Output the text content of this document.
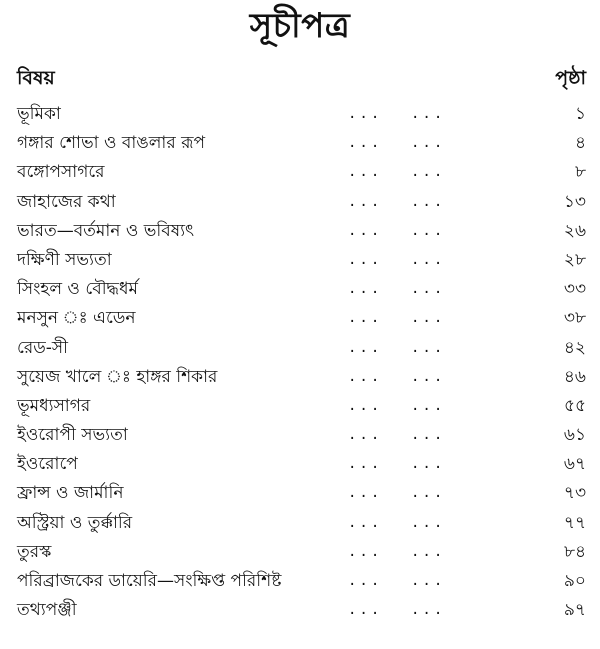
সূচীপত্র
বিষয়	পৃষ্ঠা
ভূমিকা	... ...	১
গঙ্গার শোভা ও বাঙলার রূপ	... ...	৪
বঙ্গোপসাগরে	... ...	৮
জাহাজের কথা	... ...	১৩
ভারত—বর্তমান ও ভবিষ্যৎ	... ...	২৬
দক্ষিণী সভ্যতা	... ...	২৮
সিংহল ও বৌদ্ধধর্ম	... ...	৩৩
মনসুন ঃ এডেন	... ...	৩৮
রেড-সী	... ...	৪২
সুয়েজ খালে ঃ হাঙ্গর শিকার	... ...	৪৬
ভূমধ্যসাগর	... ...	৫৫
ইওরোপী সভ্যতা	... ...	৬১
ইওরোপে	... ...	৬৭
ফ্রান্স ও জার্মানি	... ...	৭৩
অস্ট্রিয়া ও তুর্ক্কারি	... ...	৭৭
তুরস্ক	... ...	৮৪
পরিব্রাজকের ডায়েরি—সংক্ষিপ্ত পরিশিষ্ট	... ...	৯০
তথ্যপঞ্জী	... ...	৯৭
